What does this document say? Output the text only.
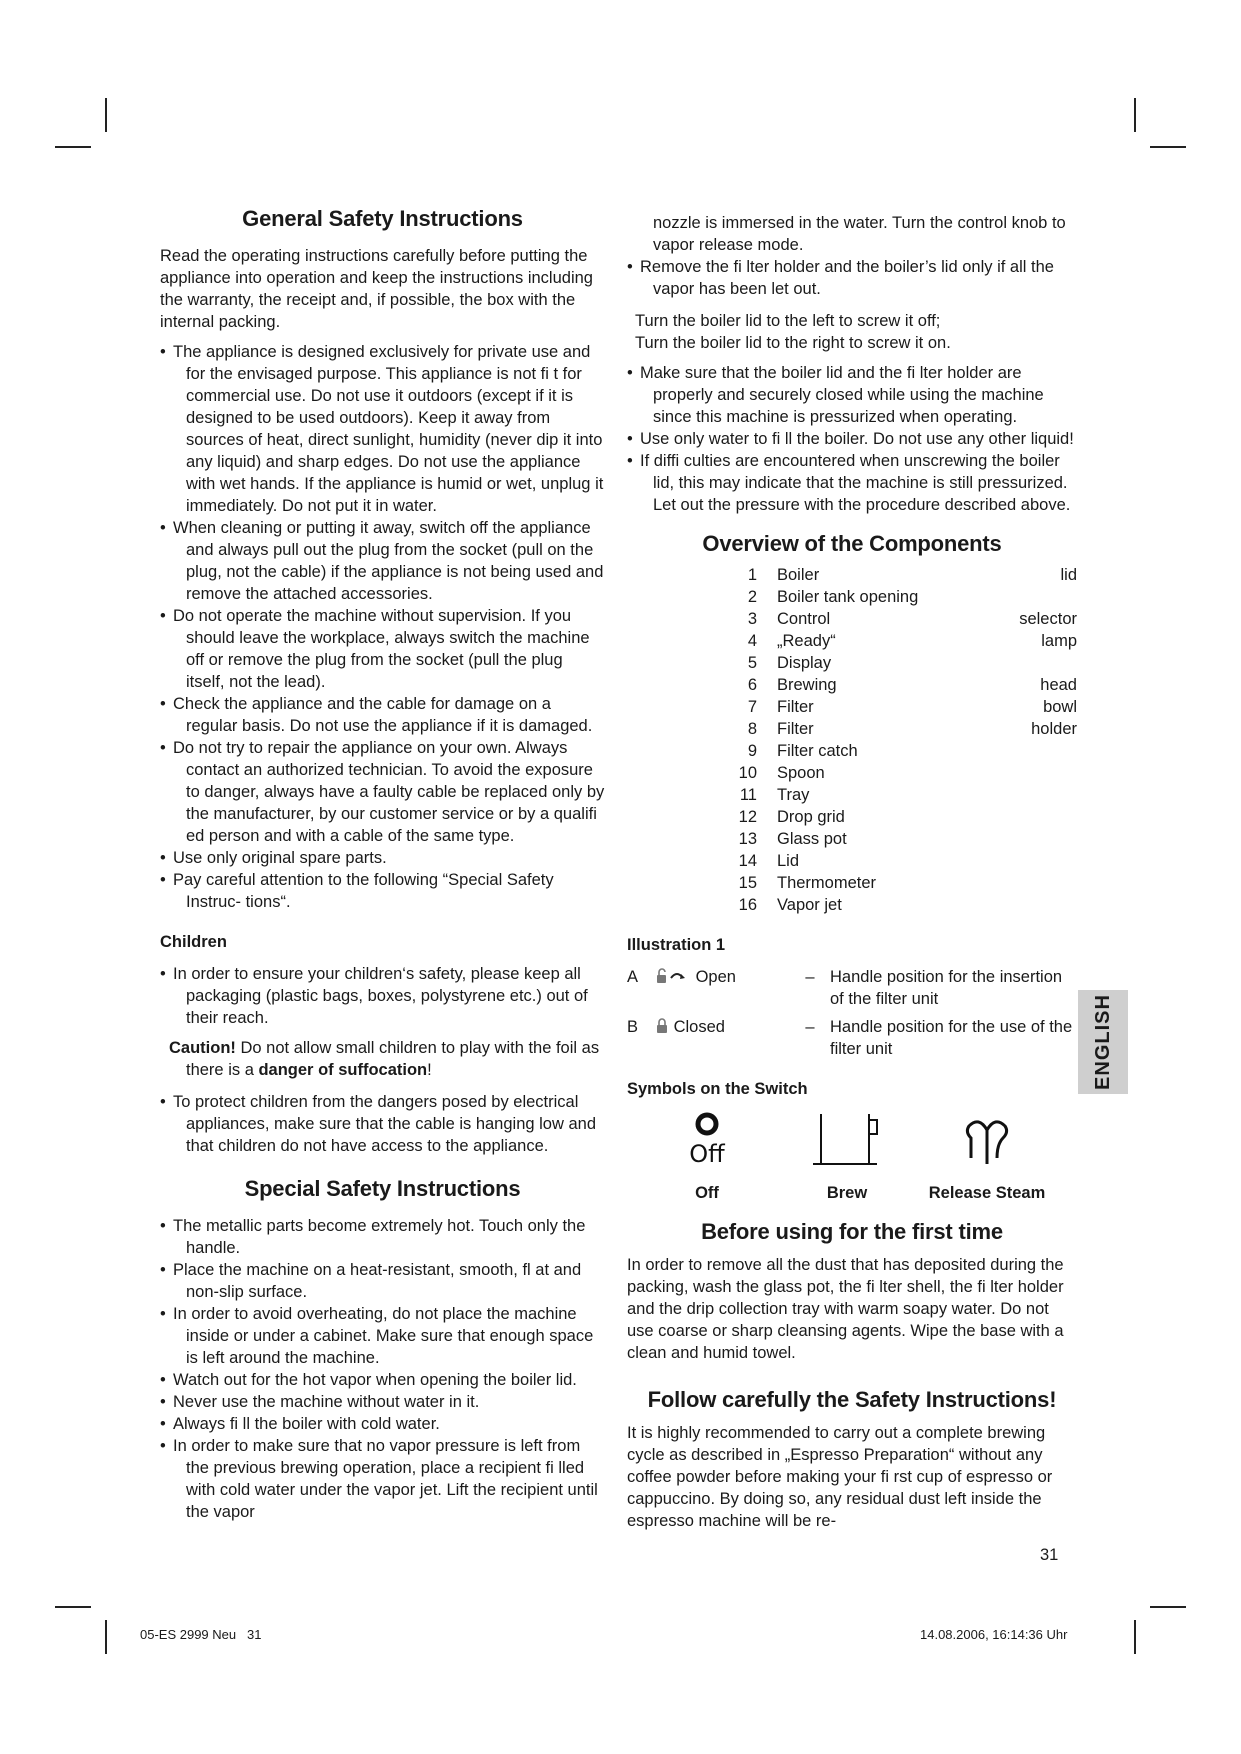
General Safety Instructions

Read the operating instructions carefully before putting the appliance into operation and keep the instructions including the warranty, the receipt and, if possible, the box with the internal packing.

• The appliance is designed exclusively for private use and for the envisaged purpose. This appliance is not fi t for commercial use. Do not use it outdoors (except if it is designed to be used outdoors). Keep it away from sources of heat, direct sunlight, humidity (never dip it into any liquid) and sharp edges. Do not use the appliance with wet hands. If the appliance is humid or wet, unplug it immediately. Do not put it in water.
• When cleaning or putting it away, switch off the appliance and always pull out the plug from the socket (pull on the plug, not the cable) if the appliance is not being used and remove the attached accessories.
• Do not operate the machine without supervision. If you should leave the workplace, always switch the machine off or remove the plug from the socket (pull the plug itself, not the lead).
• Check the appliance and the cable for damage on a regular basis. Do not use the appliance if it is damaged.
• Do not try to repair the appliance on your own. Always contact an authorized technician. To avoid the exposure to danger, always have a faulty cable be replaced only by the manufacturer, by our customer service or by a qualifi ed person and with a cable of the same type.
• Use only original spare parts.
• Pay careful attention to the following “Special Safety Instruc- tions“.
Children
• In order to ensure your children‘s safety, please keep all packaging (plastic bags, boxes, polystyrene etc.) out of their reach.
Caution! Do not allow small children to play with the foil as there is a danger of suffocation!
• To protect children from the dangers posed by electrical appliances, make sure that the cable is hanging low and that children do not have access to the appliance.
Special Safety Instructions
• The metallic parts become extremely hot. Touch only the handle.
• Place the machine on a heat-resistant, smooth, fl at and non-slip surface.
• In order to avoid overheating, do not place the machine inside or under a cabinet. Make sure that enough space is left around the machine.
• Watch out for the hot vapor when opening the boiler lid.
• Never use the machine without water in it.
• Always fi ll the boiler with cold water.
• In order to make sure that no vapor pressure is left from the previous brewing operation, place a recipient fi lled with cold water under the vapor jet. Lift the recipient until the vapor

nozzle is immersed in the water. Turn the control knob to vapor release mode.

• Remove the fi lter holder and the boiler’s lid only if all the vapor has been let out.
Turn the boiler lid to the left to screw it off;
Turn the boiler lid to the right to screw it on.
• Make sure that the boiler lid and the fi lter holder are properly and securely closed while using the machine since this machine is pressurized when operating.
• Use only water to fi ll the boiler. Do not use any other liquid!
• If diffi culties are encountered when unscrewing the boiler lid, this may indicate that the machine is still pressurized. Let out the pressure with the procedure described above.
Overview of the Components
1	Boiler	lid
2	Boiler tank opening
3	Control	selector
4	„Ready“	lamp
5	Display
6	Brewing	head
7	Filter	bowl
8	Filter	holder
9	Filter catch
10	Spoon
11	Tray
12	Drop grid
13	Glass pot
14	Lid
15	Thermometer
16	Vapor jet
Illustration 1
A	Open	– Handle position for the insertion of the filter unit
B	Closed	– Handle position for the use of the filter unit
Symbols on the Switch
Off
Off	Brew	Release Steam
Before using for the first time

In order to remove all the dust that has deposited during the packing, wash the glass pot, the fi lter shell, the fi lter holder and the drip collection tray with warm soapy water. Do not use coarse or sharp cleansing agents. Wipe the base with a clean and humid towel.

Follow carefully the Safety Instructions!

It is highly recommended to carry out a complete brewing cycle as described in „Espresso Preparation“ without any coffee powder before making your fi rst cup of espresso or cappuccino. By doing so, any residual dust left inside the espresso machine will be re-

ENGLISH
31
05-ES 2999 Neu   31	14.08.2006, 16:14:36 Uhr
